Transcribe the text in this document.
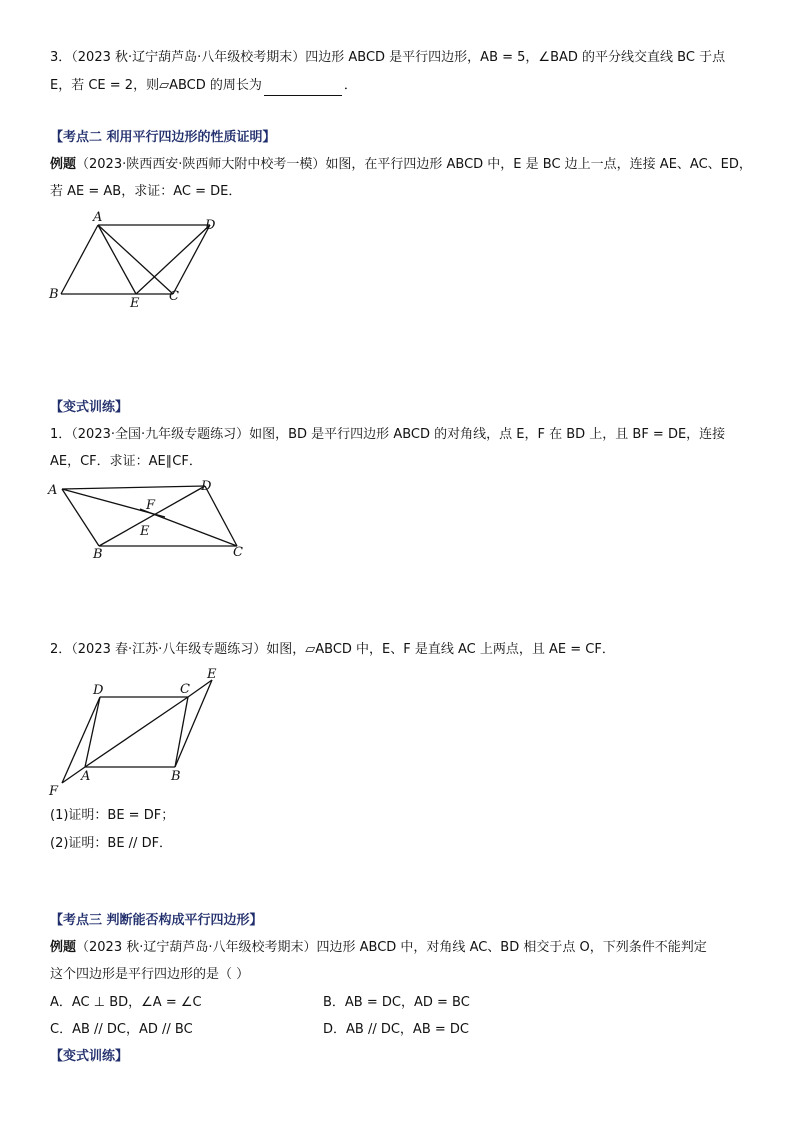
3．（2023 秋·辽宁葫芦岛·八年级校考期末）四边形 ABCD 是平行四边形，AB = 5，∠BAD 的平分线交直线 BC 于点
E，若 CE = 2，则▱ABCD 的周长为	．
【考点二 利用平行四边形的性质证明】
例题（2023·陕西西安·陕西师大附中校考一模）如图，在平行四边形 ABCD 中，E 是 BC 边上一点，连接 AE、AC、ED，
若 AE = AB，求证：AC = DE．
A
B	C
D
E
【变式训练】
1．（2023·全国·九年级专题练习）如图，BD 是平行四边形 ABCD 的对角线，点 E，F 在 BD 上，且 BF = DE，连接
AE，CF．求证：AE∥CF．
A
B	C
D
E
F
2．（2023 春·江苏·八年级专题练习）如图，▱ABCD 中，E、F 是直线 AC 上两点，且 AE = CF．
D
A	B
C
E
F
(1)证明：BE = DF；
(2)证明：BE // DF．
【考点三 判断能否构成平行四边形】
例题（2023 秋·辽宁葫芦岛·八年级校考期末）四边形 ABCD 中，对角线 AC、BD 相交于点 O，下列条件不能判定
这个四边形是平行四边形的是（ ）
A．AC ⊥ BD，∠A = ∠C	B．AB = DC，AD = BC
C．AB // DC，AD // BC	D．AB // DC，AB = DC
【变式训练】
